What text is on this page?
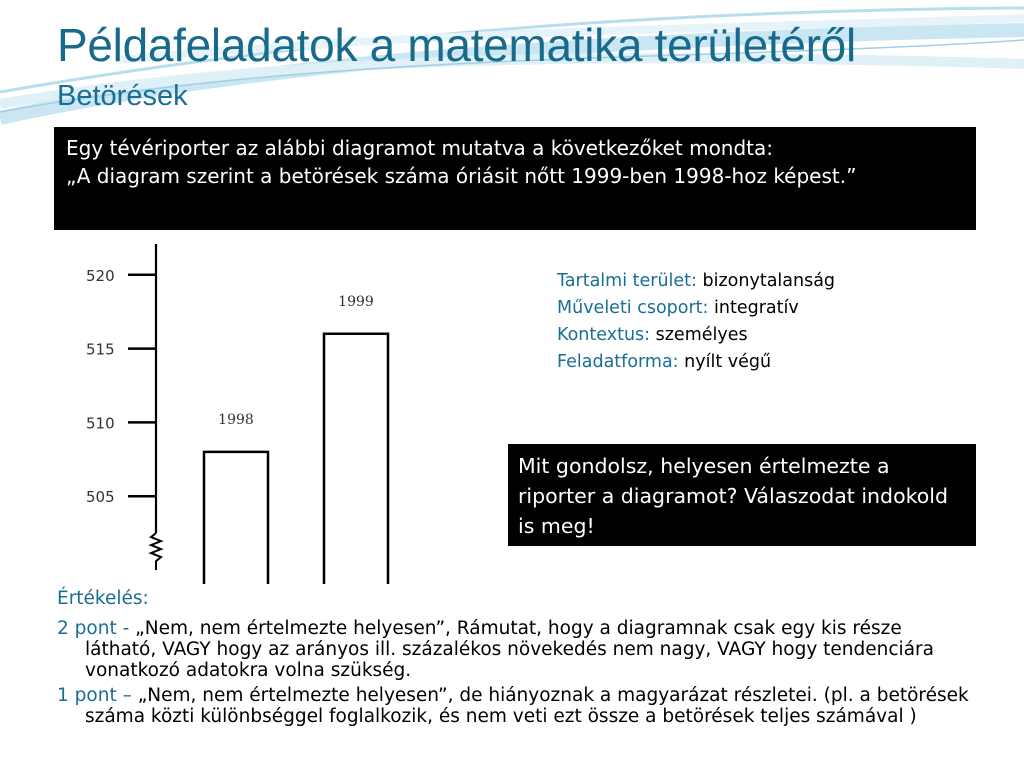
Példafeladatok a matematika területéről
Betörések

Egy tévériporter az alábbi diagramot mutatva a következőket mondta:

„A diagram szerint a betörések száma óriásit nőtt 1999-ben 1998-hoz képest.”

505
510
515
520
1998
1999
Tartalmi terület: bizonytalanság
Műveleti csoport: integratív
Kontextus: személyes
Feladatforma: nyílt végű

Mit gondolsz, helyesen értelmezte a riporter a diagramot? Válaszodat indokold is meg!

Értékelés:

2 pont - „Nem, nem értelmezte helyesen”, Rámutat, hogy a diagramnak csak egy kis része látható, VAGY hogy az arányos ill. százalékos növekedés nem nagy, VAGY hogy tendenciára vonatkozó adatokra volna szükség.

1 pont – „Nem, nem értelmezte helyesen”, de hiányoznak a magyarázat részletei. (pl. a betörések száma közti különbséggel foglalkozik, és nem veti ezt össze a betörések teljes számával )
